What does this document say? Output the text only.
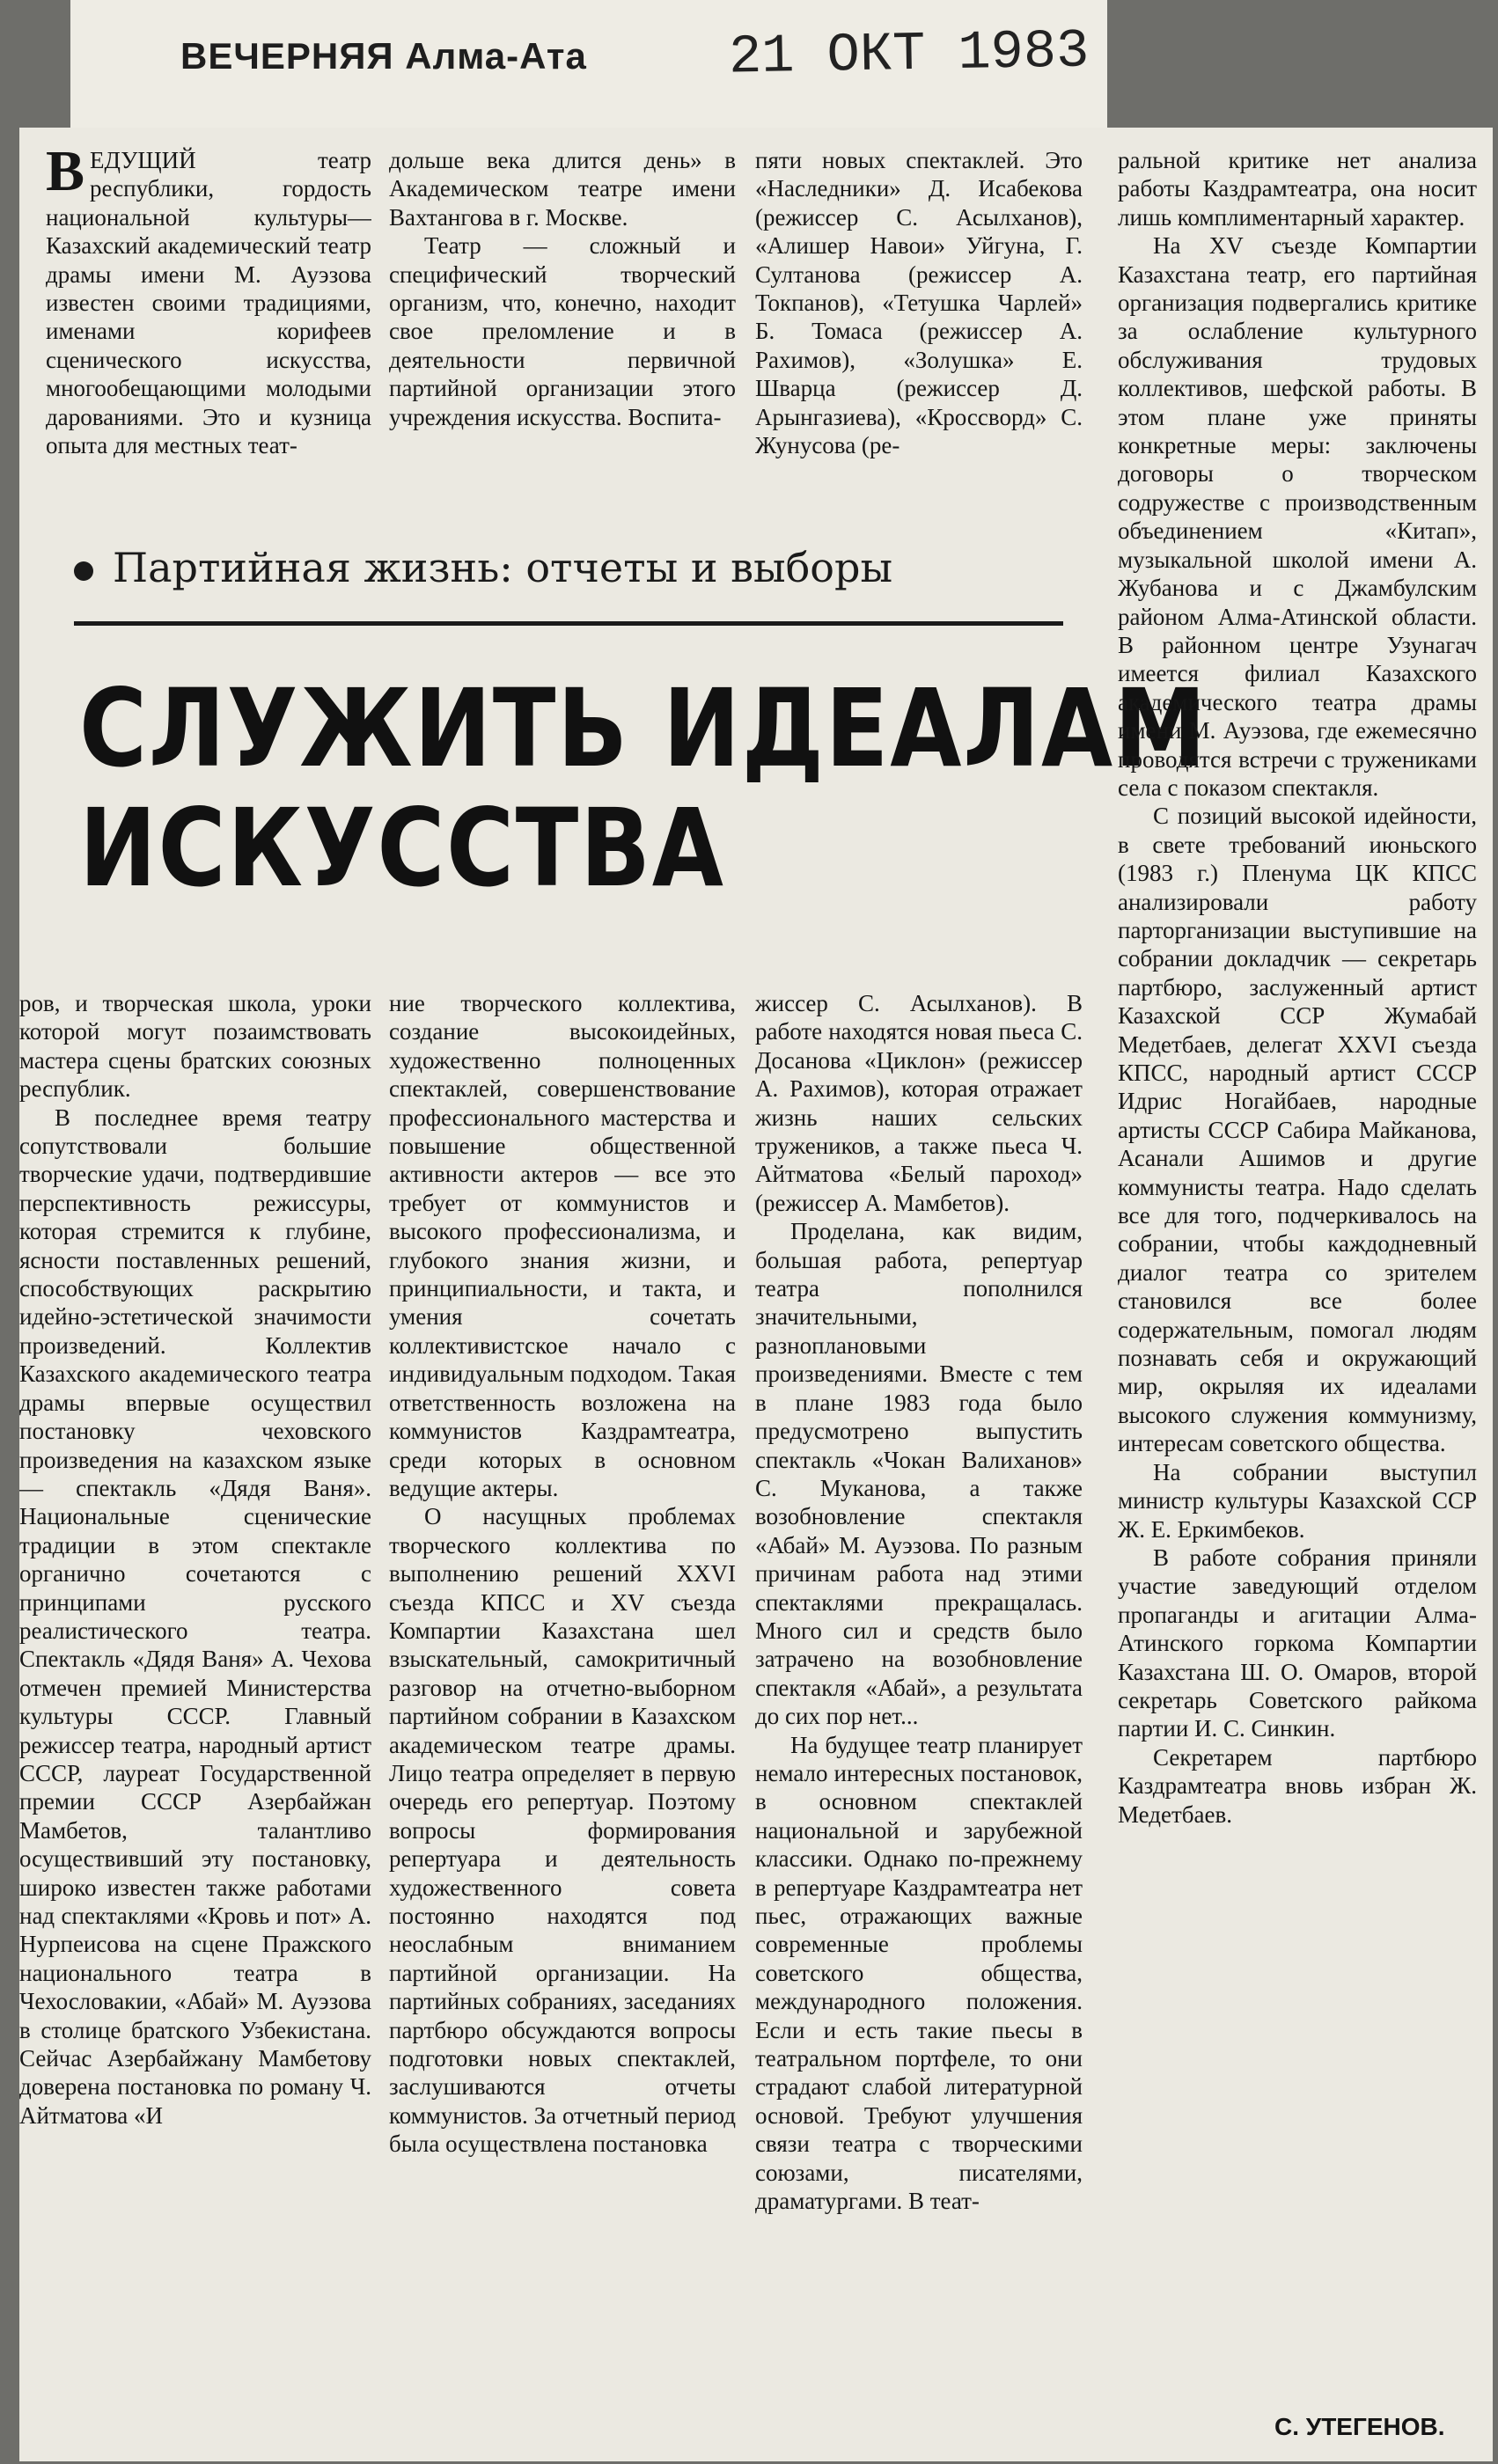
ВЕЧЕРНЯЯ Алма-Ата	21 ОКТ 1983

ВЕДУЩИЙ театр республики, гордость национальной культуры— Казахский академический театр драмы имени М. Ауэзова известен своими традициями, именами корифеев сценического искусства, многообещающими молодыми дарованиями. Это и кузница опыта для местных теат-

дольше века длится день» в Академическом театре имени Вахтангова в г. Москве.

Театр — сложный и специфический творческий организм, что, конечно, находит свое преломление и в деятельности первичной партийной организации этого учреждения искусства. Воспита-

пяти новых спектаклей. Это «Наследники» Д. Исабекова (режиссер С. Асылханов), «Алишер Навои» Уйгуна, Г. Султанова (режиссер А. Токпанов), «Тетушка Чарлей» Б. Томаса (режиссер А. Рахимов), «Золушка» Е. Шварца (режиссер Д. Арынгазиева), «Кроссворд» С. Жунусова (ре-

Партийная жизнь: отчеты и выборы
СЛУЖИТЬ ИДЕАЛАМ
ИСКУССТВА

ров, и творческая школа, уроки которой могут позаимствовать мастера сцены братских союзных республик.

В последнее время театру сопутствовали большие творческие удачи, подтвердившие перспективность режиссуры, которая стремится к глубине, ясности поставленных решений, способствующих раскрытию идейно-эстетической значимости произведений. Коллектив Казахского академического театра драмы впервые осуществил постановку чеховского произведения на казахском языке — спектакль «Дядя Ваня». Национальные сценические традиции в этом спектакле органично сочетаются с принципами русского реалистического театра. Спектакль «Дядя Ваня» А. Чехова отмечен премией Министерства культуры СССР. Главный режиссер театра, народный артист СССР, лауреат Государственной премии СССР Азербайжан Мамбетов, талантливо осуществивший эту постановку, широко известен также работами над спектаклями «Кровь и пот» А. Нурпеисова на сцене Пражского национального театра в Чехословакии, «Абай» М. Ауэзова в столице братского Узбекистана. Сейчас Азербайжану Мамбетову доверена постановка по роману Ч. Айтматова «И

ние творческого коллектива, создание высокоидейных, художественно полноценных спектаклей, совершенствование профессионального мастерства и повышение общественной активности актеров — все это требует от коммунистов и высокого профессионализма, и глубокого знания жизни, и принципиальности, и такта, и умения сочетать коллективистское начало с индивидуальным подходом. Такая ответственность возложена на коммунистов Каздрамтеатра, среди которых в основном ведущие актеры.

О насущных проблемах творческого коллектива по выполнению решений XXVI съезда КПСС и XV съезда Компартии Казахстана шел взыскательный, самокритичный разговор на отчетно-выборном партийном собрании в Казахском академическом театре драмы. Лицо театра определяет в первую очередь его репертуар. Поэтому вопросы формирования репертуара и деятельность художественного совета постоянно находятся под неослабным вниманием партийной организации. На партийных собраниях, заседаниях партбюро обсуждаются вопросы подготовки новых спектаклей, заслушиваются отчеты коммунистов. За отчетный период была осуществлена постановка

жиссер С. Асылханов). В работе находятся новая пьеса С. Досанова «Циклон» (режиссер А. Рахимов), которая отражает жизнь наших сельских тружеников, а также пьеса Ч. Айтматова «Белый пароход» (режиссер А. Мамбетов).

Проделана, как видим, большая работа, репертуар театра пополнился значительными, разноплановыми произведениями. Вместе с тем в плане 1983 года было предусмотрено выпустить спектакль «Чокан Валиханов» С. Муканова, а также возобновление спектакля «Абай» М. Ауэзова. По разным причинам работа над этими спектаклями прекращалась. Много сил и средств было затрачено на возобновление спектакля «Абай», а результата до сих пор нет...

На будущее театр планирует немало интересных постановок, в основном спектаклей национальной и зарубежной классики. Однако по-прежнему в репертуаре Каздрамтеатра нет пьес, отражающих важные современные проблемы советского общества, международного положения. Если и есть такие пьесы в театральном портфеле, то они страдают слабой литературной основой. Требуют улучшения связи театра с творческими союзами, писателями, драматургами. В теат-

ральной критике нет анализа работы Каздрамтеатра, она носит лишь комплиментарный характер.

На XV съезде Компартии Казахстана театр, его партийная организация подвергались критике за ослабление культурного обслуживания трудовых коллективов, шефской работы. В этом плане уже приняты конкретные меры: заключены договоры о творческом содружестве с производственным объединением «Китап», музыкальной школой имени А. Жубанова и с Джамбулским районом Алма-Атинской области. В районном центре Узунагач имеется филиал Казахского академического театра драмы имени М. Ауэзова, где ежемесячно проводятся встречи с тружениками села с показом спектакля.

С позиций высокой идейности, в свете требований июньского (1983 г.) Пленума ЦК КПСС анализировали работу парторганизации выступившие на собрании докладчик — секретарь партбюро, заслуженный артист Казахской ССР Жумабай Медетбаев, делегат XXVI съезда КПСС, народный артист СССР Идрис Ногайбаев, народные артисты СССР Сабира Майканова, Асанали Ашимов и другие коммунисты театра. Надо сделать все для того, подчеркивалось на собрании, чтобы каждодневный диалог театра со зрителем становился все более содержательным, помогал людям познавать себя и окружающий мир, окрыляя их идеалами высокого служения коммунизму, интересам советского общества.

На собрании выступил министр культуры Казахской ССР Ж. Е. Еркимбеков.

В работе собрания приняли участие заведующий отделом пропаганды и агитации Алма-Атинского горкома Компартии Казахстана Ш. О. Омаров, второй секретарь Советского райкома партии И. С. Синкин.

Секретарем партбюро Каздрамтеатра вновь избран Ж. Медетбаев.

С. УТЕГЕНОВ.
